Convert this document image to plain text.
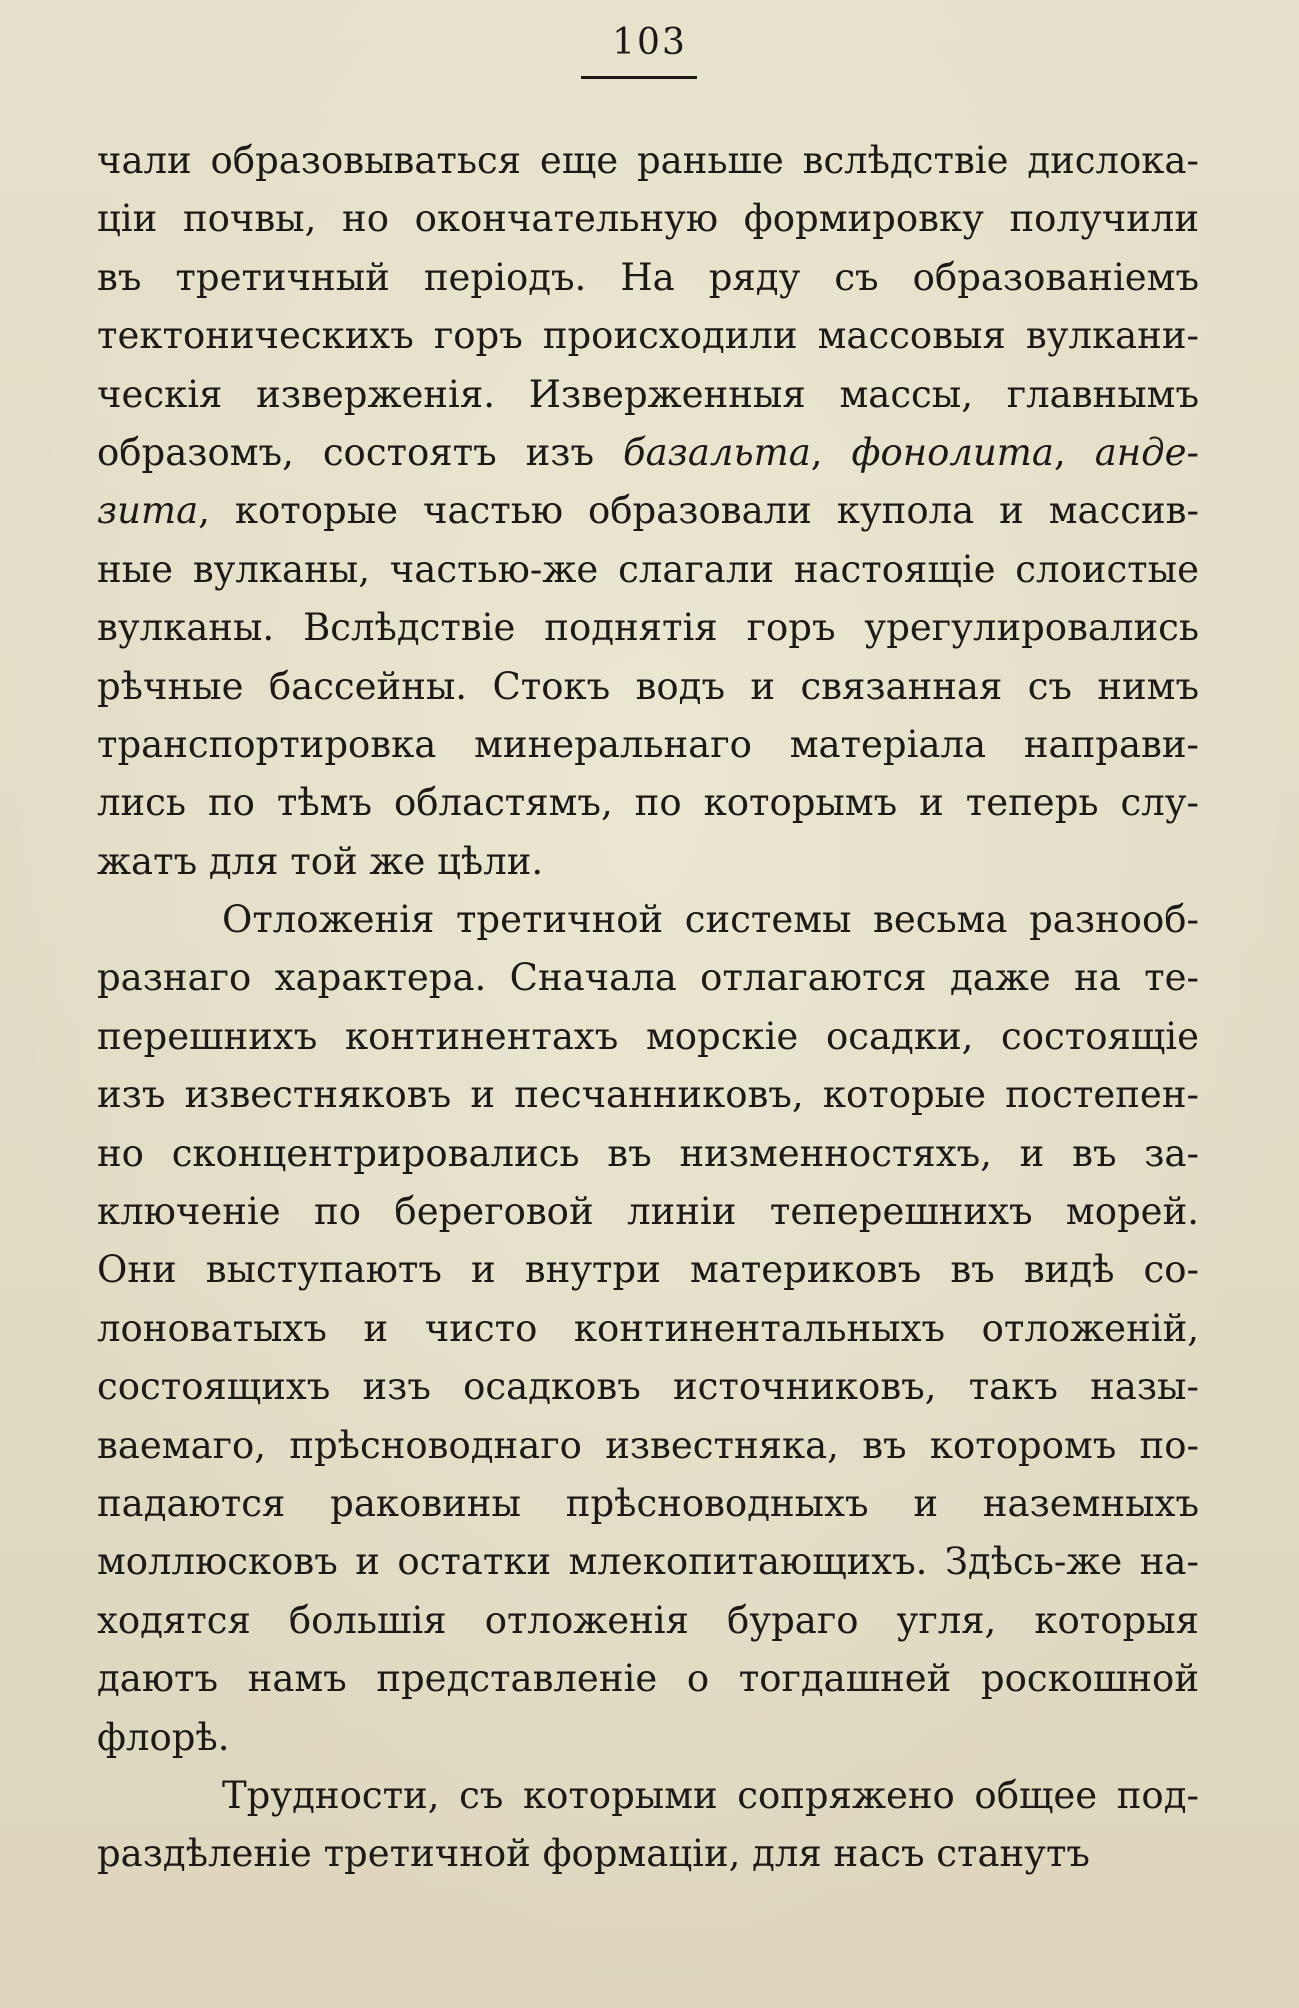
103
чали образовываться еще раньше вслѣдствіе дислока-
ціи почвы, но окончательную формировку получили
въ третичный періодъ. На ряду съ образованіемъ
тектоническихъ горъ происходили массовыя вулкани-
ческія изверженія. Изверженныя массы, главнымъ
образомъ, состоятъ изъ базальта, фонолита, анде-
зита, которые частью образовали купола и массив-
ные вулканы, частью-же слагали настоящіе слоистые
вулканы. Вслѣдствіе поднятія горъ урегулировались
рѣчные бассейны. Стокъ водъ и связанная съ нимъ
транспортировка минеральнаго матеріала направи-
лись по тѣмъ областямъ, по которымъ и теперь слу-
жатъ для той же цѣли.
Отложенія третичной системы весьма разнооб-
разнаго характера. Сначала отлагаются даже на те-
перешнихъ континентахъ морскіе осадки, состоящіе
изъ известняковъ и песчанниковъ, которые постепен-
но сконцентрировались въ низменностяхъ, и въ за-
ключеніе по береговой линіи теперешнихъ морей.
Они выступаютъ и внутри материковъ въ видѣ со-
лоноватыхъ и чисто континентальныхъ отложеній,
состоящихъ изъ осадковъ источниковъ, такъ назы-
ваемаго, прѣсноводнаго известняка, въ которомъ по-
падаются раковины прѣсноводныхъ и наземныхъ
моллюсковъ и остатки млекопитающихъ. Здѣсь-же на-
ходятся большія отложенія бураго угля, которыя
даютъ намъ представленіе о тогдашней роскошной
флорѣ.
Трудности, съ которыми сопряжено общее под-
раздѣленіе третичной формаціи, для насъ станутъ
